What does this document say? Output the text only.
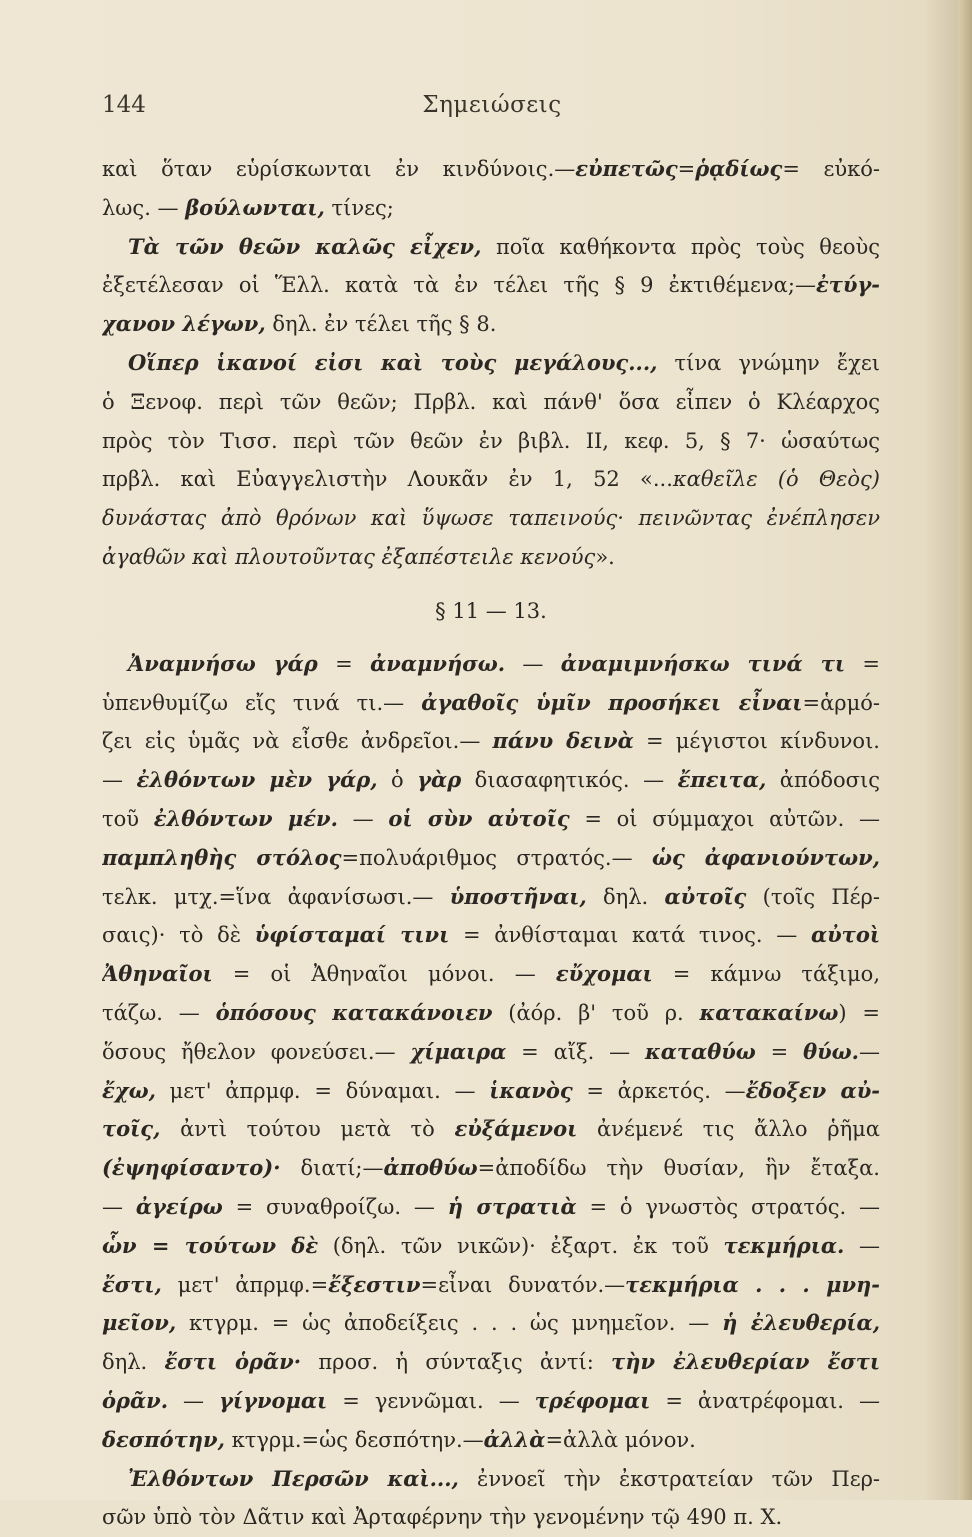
144	Σημειώσεις
καὶ ὅταν εὑρίσκωνται ἐν κινδύνοις.—εὐπετῶς=ῥᾳδίως= εὐκό-
λως. — βούλωνται, τίνες;
Τὰ τῶν θεῶν καλῶς εἶχεν, ποῖα καθήκοντα πρὸς τοὺς θεοὺς
ἐξετέλεσαν οἱ Ἕλλ. κατὰ τὰ ἐν τέλει τῆς § 9 ἐκτιθέμενα;—ἐτύγ-
χανον λέγων, δηλ. ἐν τέλει τῆς § 8.
Οἵπερ ἱκανοί εἰσι καὶ τοὺς μεγάλους..., τίνα γνώμην ἔχει
ὁ Ξενοφ. περὶ τῶν θεῶν; Πρβλ. καὶ πάνθ' ὅσα εἶπεν ὁ Κλέαρχος
πρὸς τὸν Τισσ. περὶ τῶν θεῶν ἐν βιβλ. II, κεφ. 5, § 7· ὡσαύτως
πρβλ. καὶ Εὐαγγελιστὴν Λουκᾶν ἐν 1, 52 «...καθεῖλε (ὁ Θεὸς)
δυνάστας ἀπὸ θρόνων καὶ ὕψωσε ταπεινούς· πεινῶντας ἐνέπλησεν
ἀγαθῶν καὶ πλουτοῦντας ἐξαπέστειλε κενούς».
§ 11 — 13.
Ἀναμνήσω γάρ = ἀναμνήσω. — ἀναμιμνήσκω τινά τι =
ὑπενθυμίζω εἴς τινά τι.— ἀγαθοῖς ὑμῖν προσήκει εἶναι=ἁρμό-
ζει εἰς ὑμᾶς νὰ εἶσθε ἀνδρεῖοι.— πάνυ δεινὰ = μέγιστοι κίνδυνοι.
— ἐλθόντων μὲν γάρ, ὁ γὰρ διασαφητικός. — ἔπειτα, ἀπόδοσις
τοῦ ἐλθόντων μέν. — οἱ σὺν αὐτοῖς = οἱ σύμμαχοι αὐτῶν. —
παμπληθὴς στόλος=πολυάριθμος στρατός.— ὡς ἀφανιούντων,
τελκ. μτχ.=ἵνα ἀφανίσωσι.— ὑποστῆναι, δηλ. αὐτοῖς (τοῖς Πέρ-
σαις)· τὸ δὲ ὑφίσταμαί τινι = ἀνθίσταμαι κατά τινος. — αὐτοὶ
Ἀθηναῖοι = οἱ Ἀθηναῖοι μόνοι. — εὔχομαι = κάμνω τάξιμο,
τάζω. — ὁπόσους κατακάνοιεν (ἀόρ. β' τοῦ ρ. κατακαίνω) =
ὅσους ἤθελον φονεύσει.— χίμαιρα = αἴξ. — καταθύω = θύω.—
ἔχω, μετ' ἀπρμφ. = δύναμαι. — ἱκανὸς = ἀρκετός. —ἔδοξεν αὐ-
τοῖς, ἀντὶ τούτου μετὰ τὸ εὐξάμενοι ἀνέμενέ τις ἄλλο ῥῆμα
(ἐψηφίσαντο)· διατί;—ἀποθύω=ἀποδίδω τὴν θυσίαν, ἣν ἔταξα.
— ἀγείρω = συναθροίζω. — ἡ στρατιὰ = ὁ γνωστὸς στρατός. —
ὧν = τούτων δὲ (δηλ. τῶν νικῶν)· ἐξαρτ. ἐκ τοῦ τεκμήρια. —
ἔστι, μετ' ἀπρμφ.=ἔξεστιν=εἶναι δυνατόν.—τεκμήρια . . . μνη-
μεῖον, κτγρμ. = ὡς ἀποδείξεις . . . ὡς μνημεῖον. — ἡ ἐλευθερία,
δηλ. ἔστι ὁρᾶν· προσ. ἡ σύνταξις ἀντί: τὴν ἐλευθερίαν ἔστι
ὁρᾶν. — γίγνομαι = γεννῶμαι. — τρέφομαι = ἀνατρέφομαι. —
δεσπότην, κτγρμ.=ὡς δεσπότην.—ἀλλὰ=ἀλλὰ μόνον.
Ἐλθόντων Περσῶν καὶ..., ἐννοεῖ τὴν ἐκστρατείαν τῶν Περ-
σῶν ὑπὸ τὸν Δᾶτιν καὶ Ἀρταφέρνην τὴν γενομένην τῷ 490 π. Χ.
